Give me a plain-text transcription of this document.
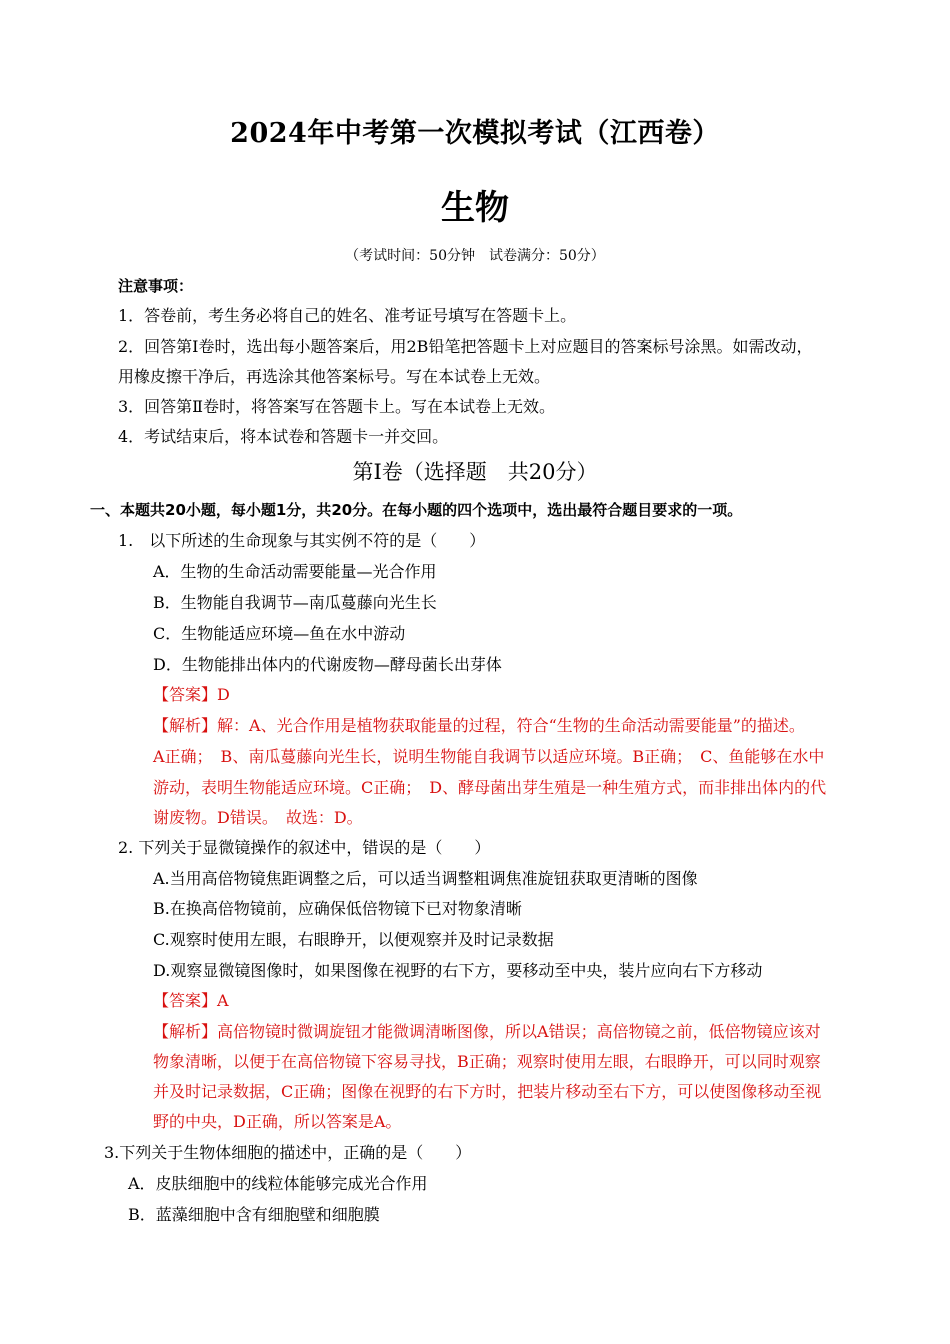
2024年中考第一次模拟考试（江西卷）
生物
（考试时间：50分钟　试卷满分：50分）
注意事项：
1．答卷前，考生务必将自己的姓名、准考证号填写在答题卡上。
2．回答第Ⅰ卷时，选出每小题答案后，用2B铅笔把答题卡上对应题目的答案标号涂黑。如需改动，
用橡皮擦干净后，再选涂其他答案标号。写在本试卷上无效。
3．回答第Ⅱ卷时，将答案写在答题卡上。写在本试卷上无效。
4．考试结束后，将本试卷和答题卡一并交回。
第Ⅰ卷（选择题　共20分）
一、本题共20小题，每小题1分，共20分。在每小题的四个选项中，选出最符合题目要求的一项。
1.　以下所述的生命现象与其实例不符的是（　　）
A．生物的生命活动需要能量—光合作用
B．生物能自我调节—南瓜蔓藤向光生长
C．生物能适应环境—鱼在水中游动
D．生物能排出体内的代谢废物—酵母菌长出芽体
【答案】D
【解析】解：A、光合作用是植物获取能量的过程，符合“生物的生命活动需要能量”的描述。
A正确；　B、南瓜蔓藤向光生长，说明生物能自我调节以适应环境。B正确；　C、鱼能够在水中
游动，表明生物能适应环境。C正确；　D、酵母菌出芽生殖是一种生殖方式，而非排出体内的代
谢废物。D错误。　故选：D。
2. 下列关于显微镜操作的叙述中，错误的是（　　）
A.当用高倍物镜焦距调整之后，可以适当调整粗调焦准旋钮获取更清晰的图像
B.在换高倍物镜前，应确保低倍物镜下已对物象清晰
C.观察时使用左眼，右眼睁开，以便观察并及时记录数据
D.观察显微镜图像时，如果图像在视野的右下方，要移动至中央，装片应向右下方移动
【答案】A
【解析】高倍物镜时微调旋钮才能微调清晰图像，所以A错误；高倍物镜之前，低倍物镜应该对
物象清晰，以便于在高倍物镜下容易寻找，B正确；观察时使用左眼，右眼睁开，可以同时观察
并及时记录数据，C正确；图像在视野的右下方时，把装片移动至右下方，可以使图像移动至视
野的中央，D正确，所以答案是A。
3.下列关于生物体细胞的描述中，正确的是（　　）
A．皮肤细胞中的线粒体能够完成光合作用
B．蓝藻细胞中含有细胞壁和细胞膜
